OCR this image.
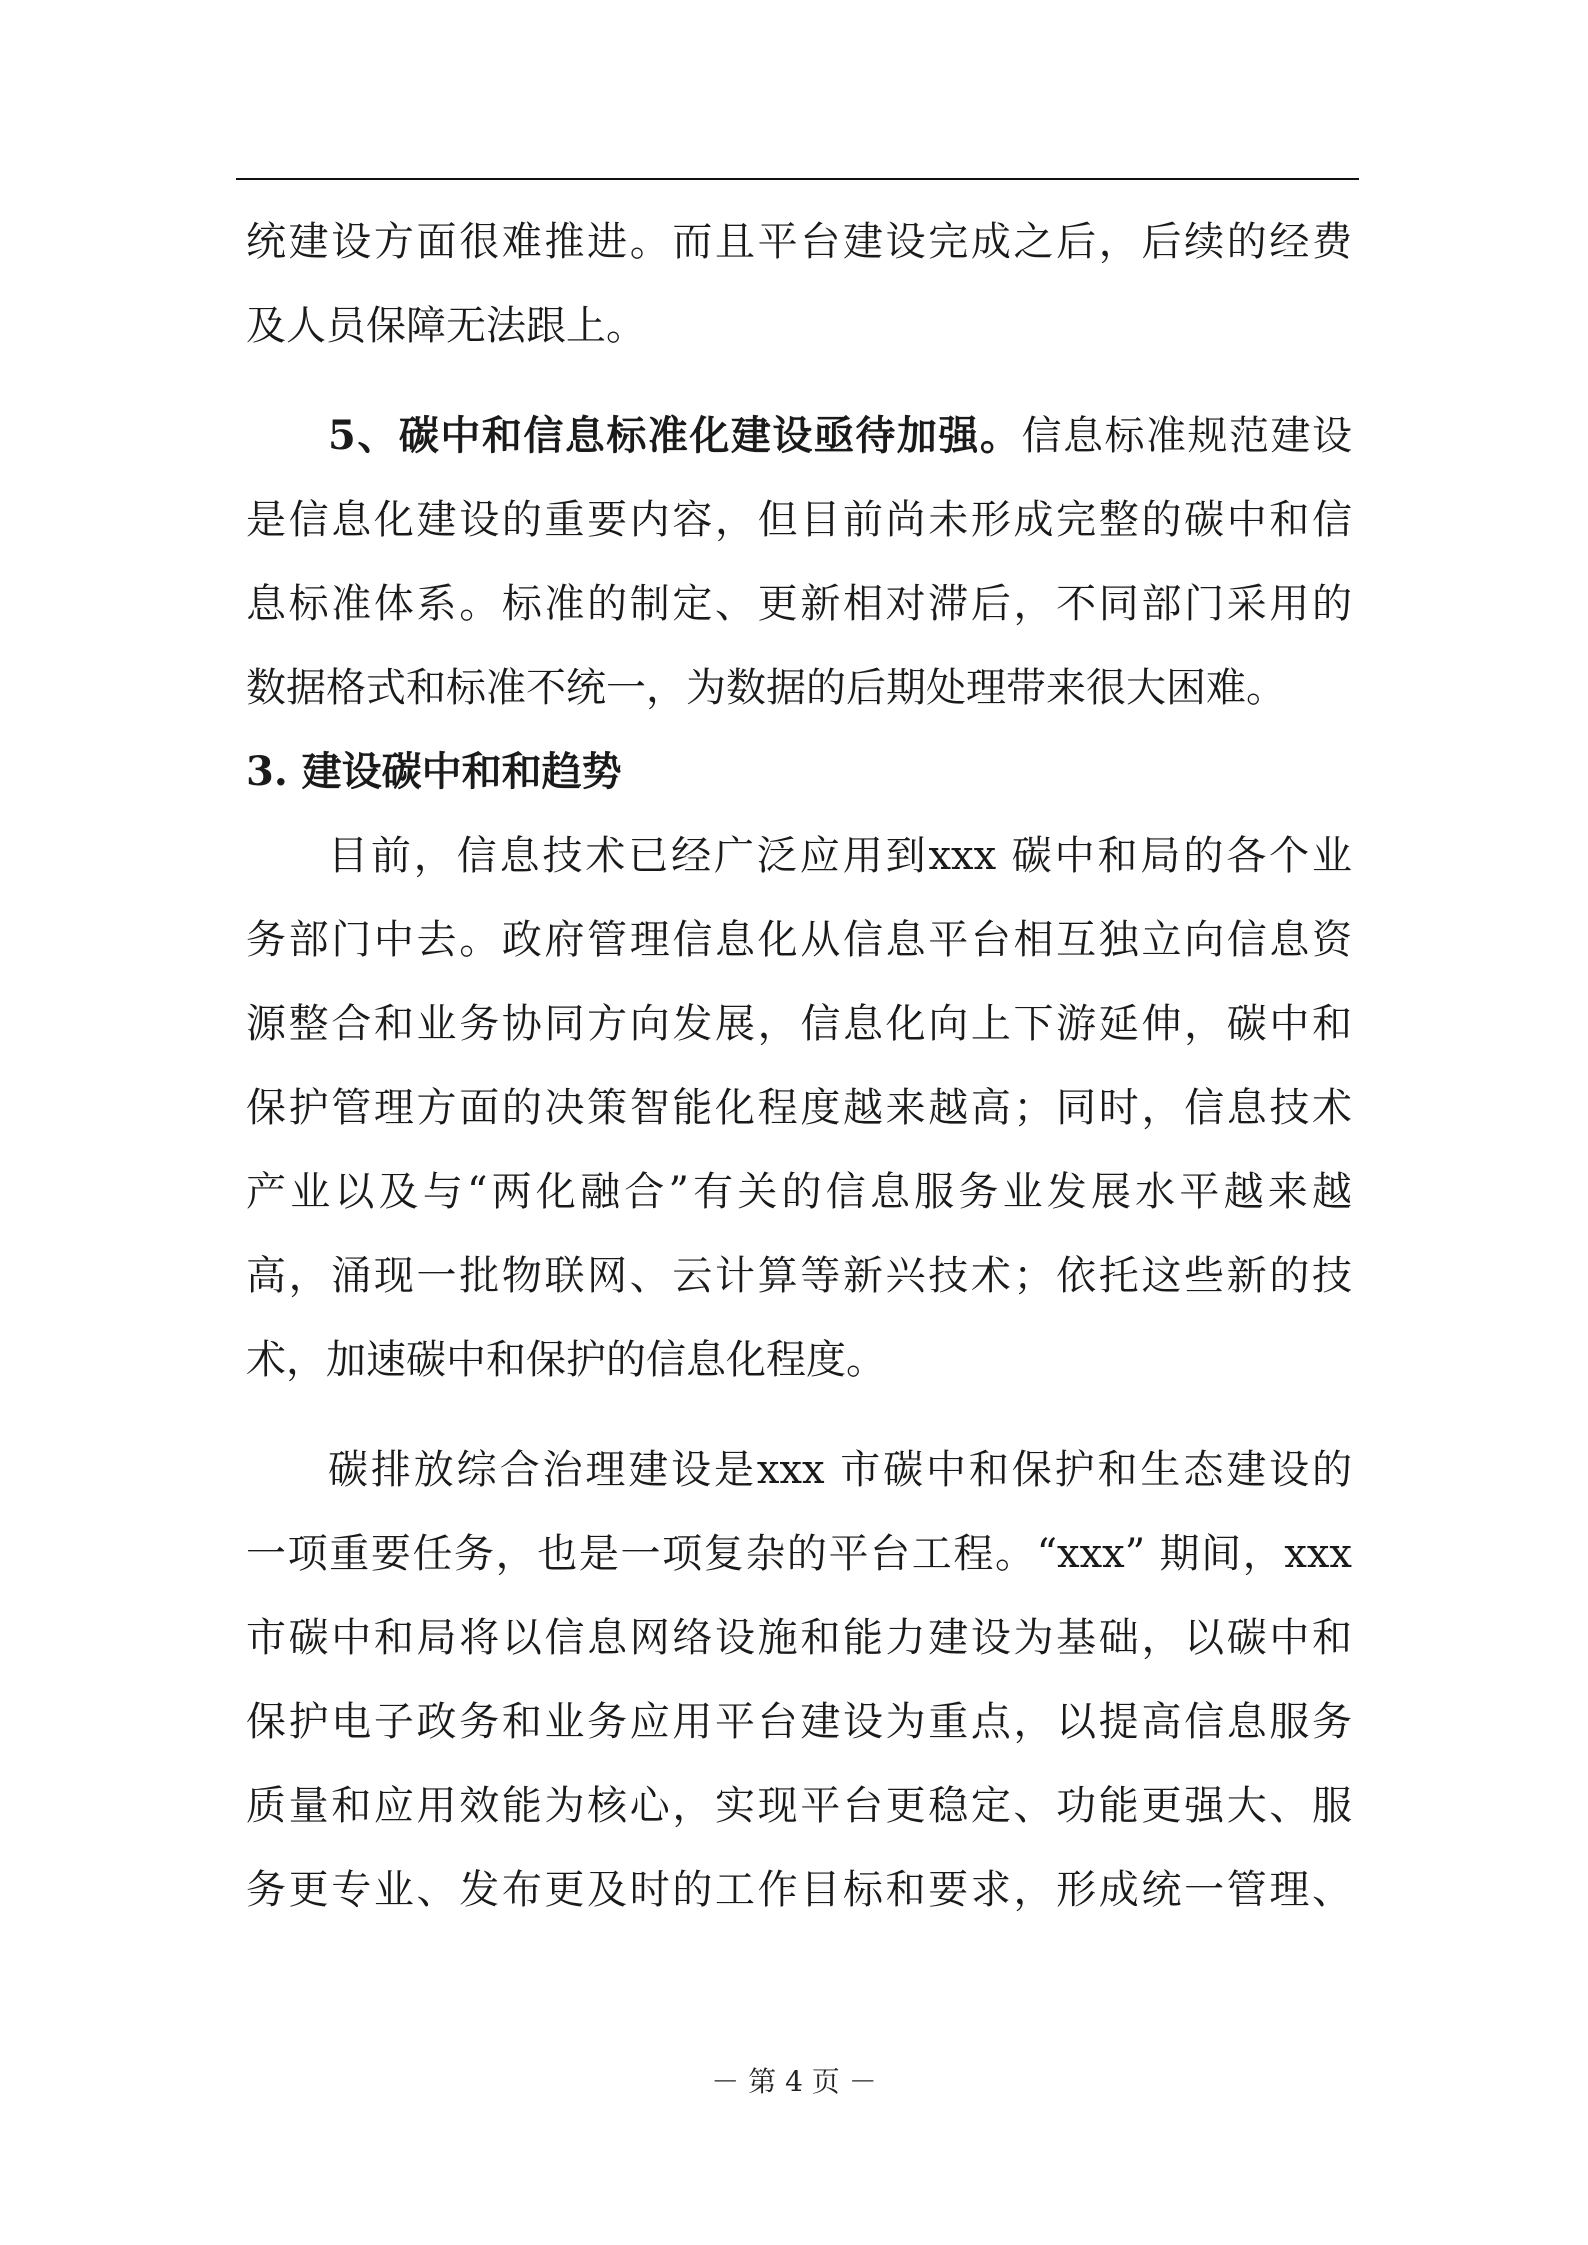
统建设方面很难推进。而且平台建设完成之后，后续的经费
及人员保障无法跟上。
5、碳中和信息标准化建设亟待加强。信息标准规范建设
是信息化建设的重要内容，但目前尚未形成完整的碳中和信
息标准体系。标准的制定、更新相对滞后，不同部门采用的
数据格式和标准不统一，为数据的后期处理带来很大困难。
3. 建设碳中和和趋势
目前，信息技术已经广泛应用到xxx 碳中和局的各个业
务部门中去。政府管理信息化从信息平台相互独立向信息资
源整合和业务协同方向发展，信息化向上下游延伸，碳中和
保护管理方面的决策智能化程度越来越高；同时，信息技术
产业以及与“两化融合”有关的信息服务业发展水平越来越
高，涌现一批物联网、云计算等新兴技术；依托这些新的技
术，加速碳中和保护的信息化程度。
碳排放综合治理建设是xxx 市碳中和保护和生态建设的
一项重要任务，也是一项复杂的平台工程。“xxx” 期间，xxx
市碳中和局将以信息网络设施和能力建设为基础，以碳中和
保护电子政务和业务应用平台建设为重点，以提高信息服务
质量和应用效能为核心，实现平台更稳定、功能更强大、服
务更专业、发布更及时的工作目标和要求，形成统一管理、
－ 第 4 页 －
